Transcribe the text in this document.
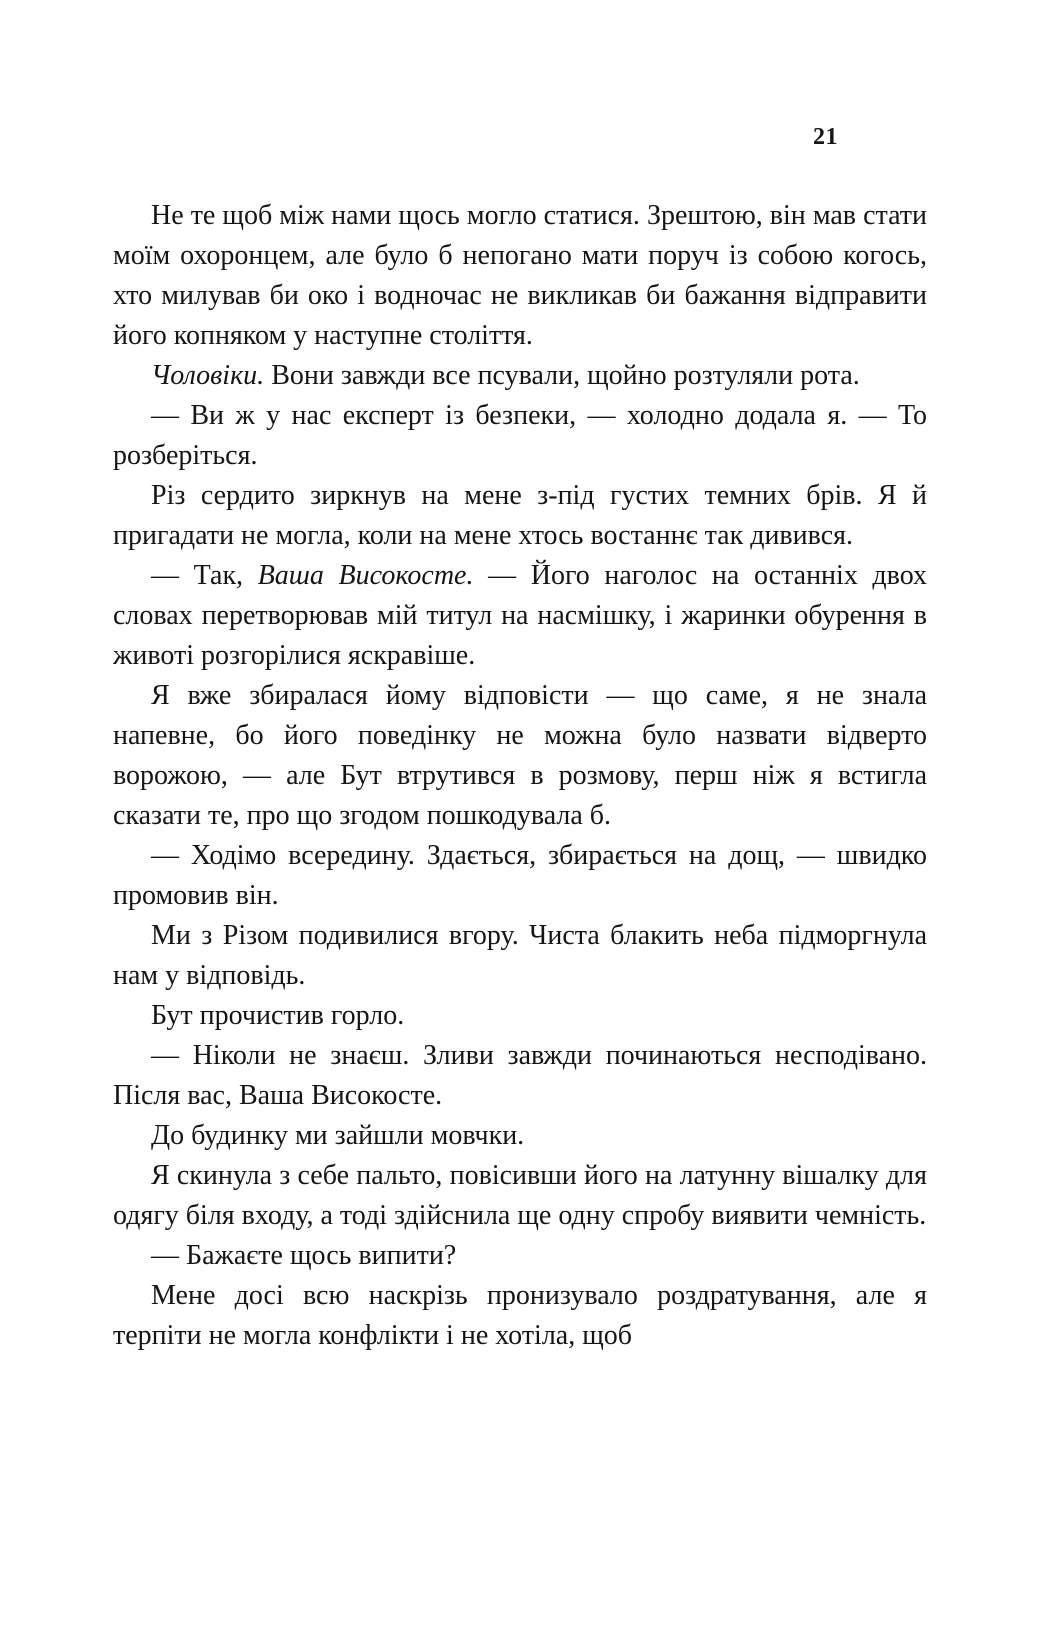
21

Не те щоб між нами щось могло статися. Зрештою, він мав стати моїм охоронцем, але було б непогано мати поруч із собою когось, хто милував би око і водночас не викликав би бажання відправити його копняком у наступне століття.

Чоловіки. Вони завжди все псували, щойно розтуляли рота.

— Ви ж у нас експерт із безпеки, — холодно додала я. — То розберіться.

Різ сердито зиркнув на мене з-під густих темних брів. Я й пригадати не могла, коли на мене хтось востаннє так дивився.

— Так, Ваша Високосте. — Його наголос на останніх двох словах перетворював мій титул на насмішку, і жаринки обурення в животі розгорілися яскравіше.

Я вже збиралася йому відповісти — що саме, я не знала напевне, бо його поведінку не можна було назвати відверто ворожою, — але Бут втрутився в розмову, перш ніж я встигла сказати те, про що згодом пошкодувала б.

— Ходімо всередину. Здається, збирається на дощ, — швидко промовив він.

Ми з Різом подивилися вгору. Чиста блакить неба підморгнула нам у відповідь.

Бут прочистив горло.

— Ніколи не знаєш. Зливи завжди починаються несподівано. Після вас, Ваша Високосте.

До будинку ми зайшли мовчки.

Я скинула з себе пальто, повісивши його на латунну вішалку для одягу біля входу, а тоді здійснила ще одну спробу виявити чемність.

— Бажаєте щось випити?

Мене досі всю наскрізь пронизувало роздратування, але я терпіти не могла конфлікти і не хотіла, щоб
